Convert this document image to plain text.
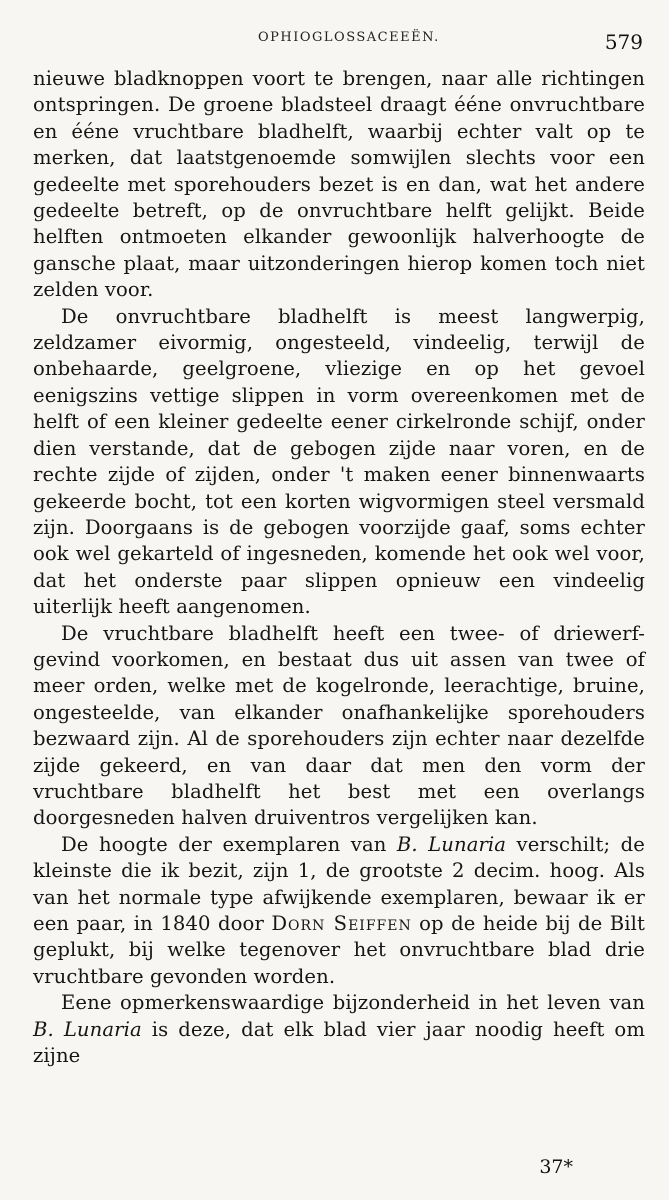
OPHIOGLOSSACEEËN.	579

nieuwe bladknoppen voort te brengen, naar alle richtingen ontspringen. De groene bladsteel draagt ééne onvruchtbare en ééne vruchtbare bladhelft, waarbij echter valt op te merken, dat laatstgenoemde somwijlen slechts voor een gedeelte met sporehouders bezet is en dan, wat het andere gedeelte betreft, op de onvruchtbare helft gelijkt. Beide helften ontmoeten elkander gewoonlijk halverhoogte de gansche plaat, maar uitzonderingen hierop komen toch niet zelden voor.

De onvruchtbare bladhelft is meest langwerpig, zeldzamer eivormig, ongesteeld, vindeelig, terwijl de onbehaarde, geelgroene, vliezige en op het gevoel eenigszins vettige slippen in vorm overeenkomen met de helft of een kleiner gedeelte eener cirkelronde schijf, onder dien verstande, dat de gebogen zijde naar voren, en de rechte zijde of zijden, onder 't maken eener binnenwaarts gekeerde bocht, tot een korten wigvormigen steel versmald zijn. Doorgaans is de gebogen voorzijde gaaf, soms echter ook wel gekarteld of ingesneden, komende het ook wel voor, dat het onderste paar slippen opnieuw een vindeelig uiterlijk heeft aangenomen.

De vruchtbare bladhelft heeft een twee- of driewerf-gevind voorkomen, en bestaat dus uit assen van twee of meer orden, welke met de kogelronde, leerachtige, bruine, ongesteelde, van elkander onafhankelijke sporehouders bezwaard zijn. Al de sporehouders zijn echter naar dezelfde zijde gekeerd, en van daar dat men den vorm der vruchtbare bladhelft het best met een overlangs doorgesneden halven druiventros vergelijken kan.

De hoogte der exemplaren van B. Lunaria verschilt; de kleinste die ik bezit, zijn 1, de grootste 2 decim. hoog. Als van het normale type afwijkende exemplaren, bewaar ik er een paar, in 1840 door Dorn Seiffen op de heide bij de Bilt geplukt, bij welke tegenover het onvruchtbare blad drie vruchtbare gevonden worden.

Eene opmerkenswaardige bijzonderheid in het leven van B. Lunaria is deze, dat elk blad vier jaar noodig heeft om zijne

37*
